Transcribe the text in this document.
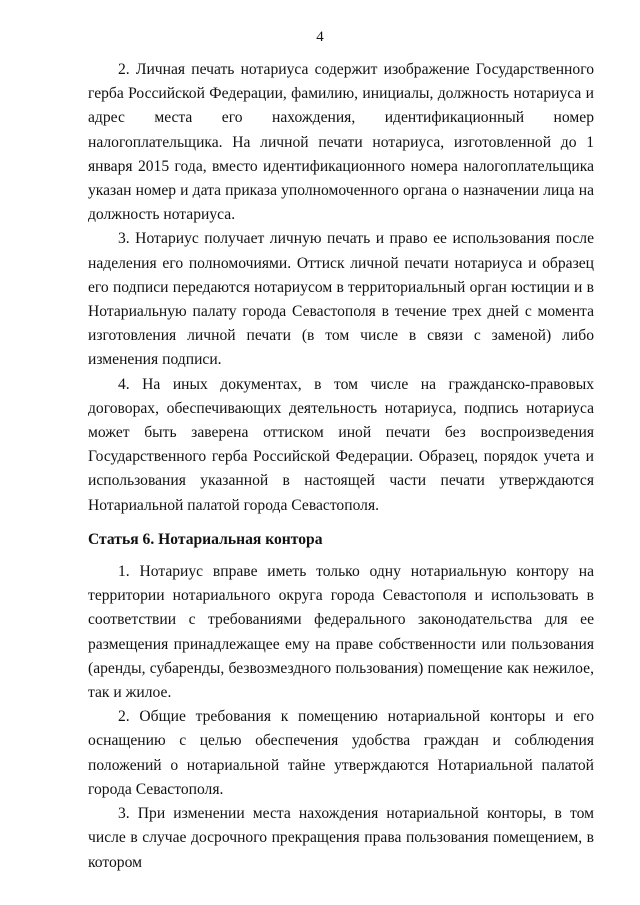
4

2. Личная печать нотариуса содержит изображение Государственного герба Российской Федерации, фамилию, инициалы, должность нотариуса и адрес места его нахождения, идентификационный номер налогоплательщика. На личной печати нотариуса, изготовленной до 1 января 2015 года, вместо идентификационного номера налогоплательщика указан номер и дата приказа уполномоченного органа о назначении лица на должность нотариуса.

3. Нотариус получает личную печать и право ее использования после наделения его полномочиями. Оттиск личной печати нотариуса и образец его подписи передаются нотариусом в территориальный орган юстиции и в Нотариальную палату города Севастополя в течение трех дней с момента изготовления личной печати (в том числе в связи с заменой) либо изменения подписи.

4. На иных документах, в том числе на гражданско-правовых договорах, обеспечивающих деятельность нотариуса, подпись нотариуса может быть заверена оттиском иной печати без воспроизведения Государственного герба Российской Федерации. Образец, порядок учета и использования указанной в настоящей части печати утверждаются Нотариальной палатой города Севастополя.

Статья 6. Нотариальная контора

1. Нотариус вправе иметь только одну нотариальную контору на территории нотариального округа города Севастополя и использовать в соответствии с требованиями федерального законодательства для ее размещения принадлежащее ему на праве собственности или пользования (аренды, субаренды, безвозмездного пользования) помещение как нежилое, так и жилое.

2. Общие требования к помещению нотариальной конторы и его оснащению с целью обеспечения удобства граждан и соблюдения положений о нотариальной тайне утверждаются Нотариальной палатой города Севастополя.

3. При изменении места нахождения нотариальной конторы, в том числе в случае досрочного прекращения права пользования помещением, в котором
